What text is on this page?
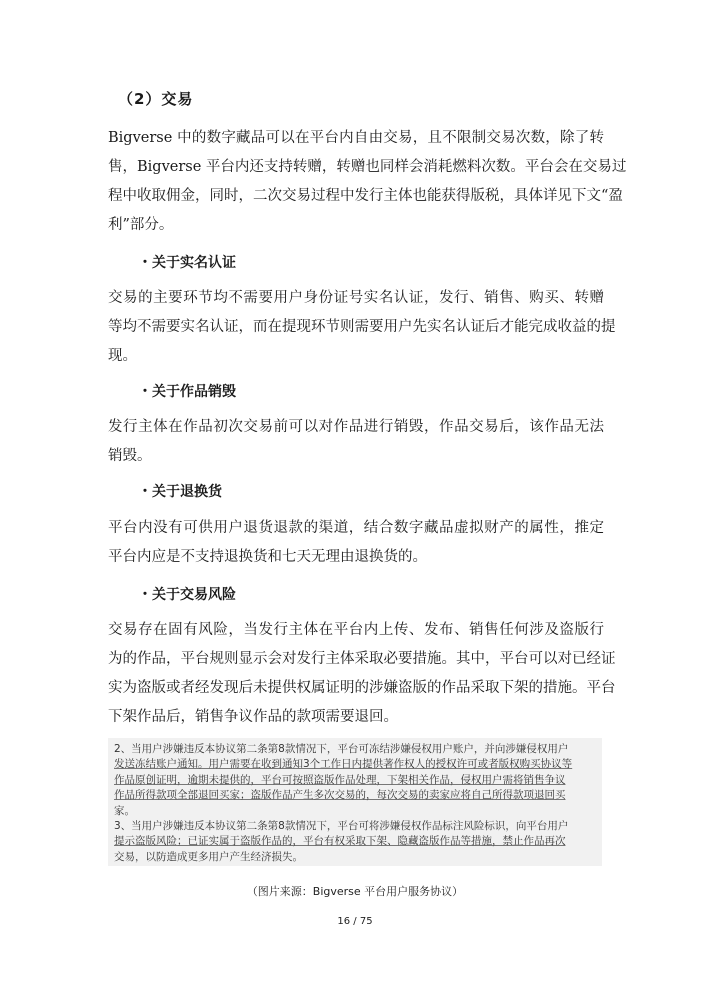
（2）交易
Bigverse 中的数字藏品可以在平台内自由交易，且不限制交易次数，除了转
售，Bigverse 平台内还支持转赠，转赠也同样会消耗燃料次数。平台会在交易过
程中收取佣金，同时，二次交易过程中发行主体也能获得版税，具体详见下文“盈
利”部分。
・关于实名认证
交易的主要环节均不需要用户身份证号实名认证，发行、销售、购买、转赠
等均不需要实名认证，而在提现环节则需要用户先实名认证后才能完成收益的提
现。
・关于作品销毁
发行主体在作品初次交易前可以对作品进行销毁，作品交易后，该作品无法
销毁。
・关于退换货
平台内没有可供用户退货退款的渠道，结合数字藏品虚拟财产的属性，推定
平台内应是不支持退换货和七天无理由退换货的。
・关于交易风险
交易存在固有风险，当发行主体在平台内上传、发布、销售任何涉及盗版行
为的作品，平台规则显示会对发行主体采取必要措施。其中，平台可以对已经证
实为盗版或者经发现后未提供权属证明的涉嫌盗版的作品采取下架的措施。平台
下架作品后，销售争议作品的款项需要退回。
2、当用户涉嫌违反本协议第二条第8款情况下，平台可冻结涉嫌侵权用户账户，并向涉嫌侵权用户
发送冻结账户通知。用户需要在收到通知3个工作日内提供著作权人的授权许可或者版权购买协议等
作品原创证明，逾期未提供的，平台可按照盗版作品处理，下架相关作品，侵权用户需将销售争议
作品所得款项全部退回买家；盗版作品产生多次交易的，每次交易的卖家应将自己所得款项退回买
家。
3、当用户涉嫌违反本协议第二条第8款情况下，平台可将涉嫌侵权作品标注风险标识，向平台用户
提示盗版风险；已证实属于盗版作品的，平台有权采取下架、隐藏盗版作品等措施，禁止作品再次
交易，以防造成更多用户产生经济损失。
（图片来源：Bigverse 平台用户服务协议）
16 / 75
